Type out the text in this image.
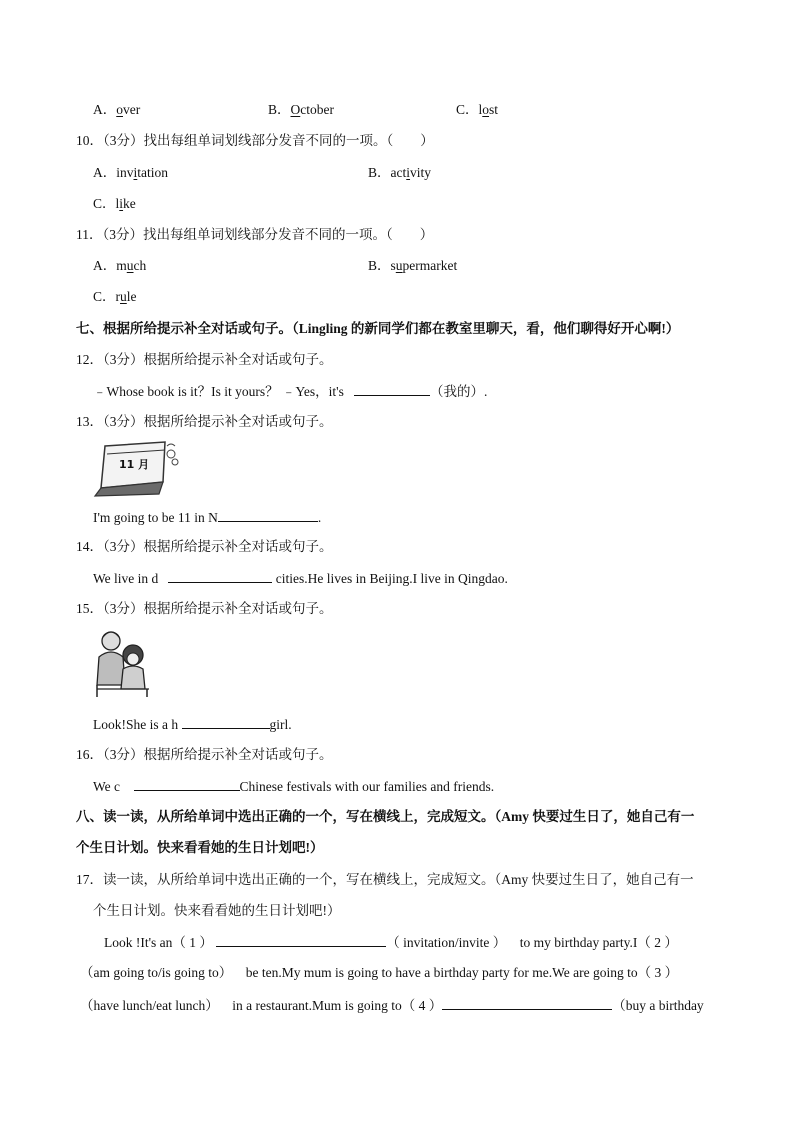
A．over	B．October	C．lost
10．（3分）找出每组单词划线部分发音不同的一项。（　　）
A．invitation	B．activity
C．like
11．（3分）找出每组单词划线部分发音不同的一项。（　　）
A．much	B．supermarket
C．rule
七、根据所给提示补全对话或句子。（Lingling 的新同学们都在教室里聊天，看，他们聊得好开心啊!）
12．（3分）根据所给提示补全对话或句子。
﹣Whose book is it？Is it yours？ ﹣Yes，it's	（我的）.
13．（3分）根据所给提示补全对话或句子。
11 月
I'm going to be 11 in N	.
14．（3分）根据所给提示补全对话或句子。
We live in d	cities.He lives in Beijing.I live in Qingdao.
15．（3分）根据所给提示补全对话或句子。
Look!She is a h	girl.
16．（3分）根据所给提示补全对话或句子。
We c	Chinese festivals with our families and friends.
八、读一读，从所给单词中选出正确的一个，写在横线上，完成短文。（Amy 快要过生日了，她自己有一
个生日计划。快来看看她的生日计划吧!）
17．读一读，从所给单词中选出正确的一个，写在横线上，完成短文。（Amy 快要过生日了，她自己有一
个生日计划。快来看看她的生日计划吧!）
Look !It's an（ 1 ）	（ invitation/invite ） to my birthday party.I（ 2 ）
（am going to/is going to） be ten.My mum is going to have a birthday party for me.We are going to（ 3 ）
（have lunch/eat lunch） in a restaurant.Mum is going to（ 4 ）	（buy a birthday
